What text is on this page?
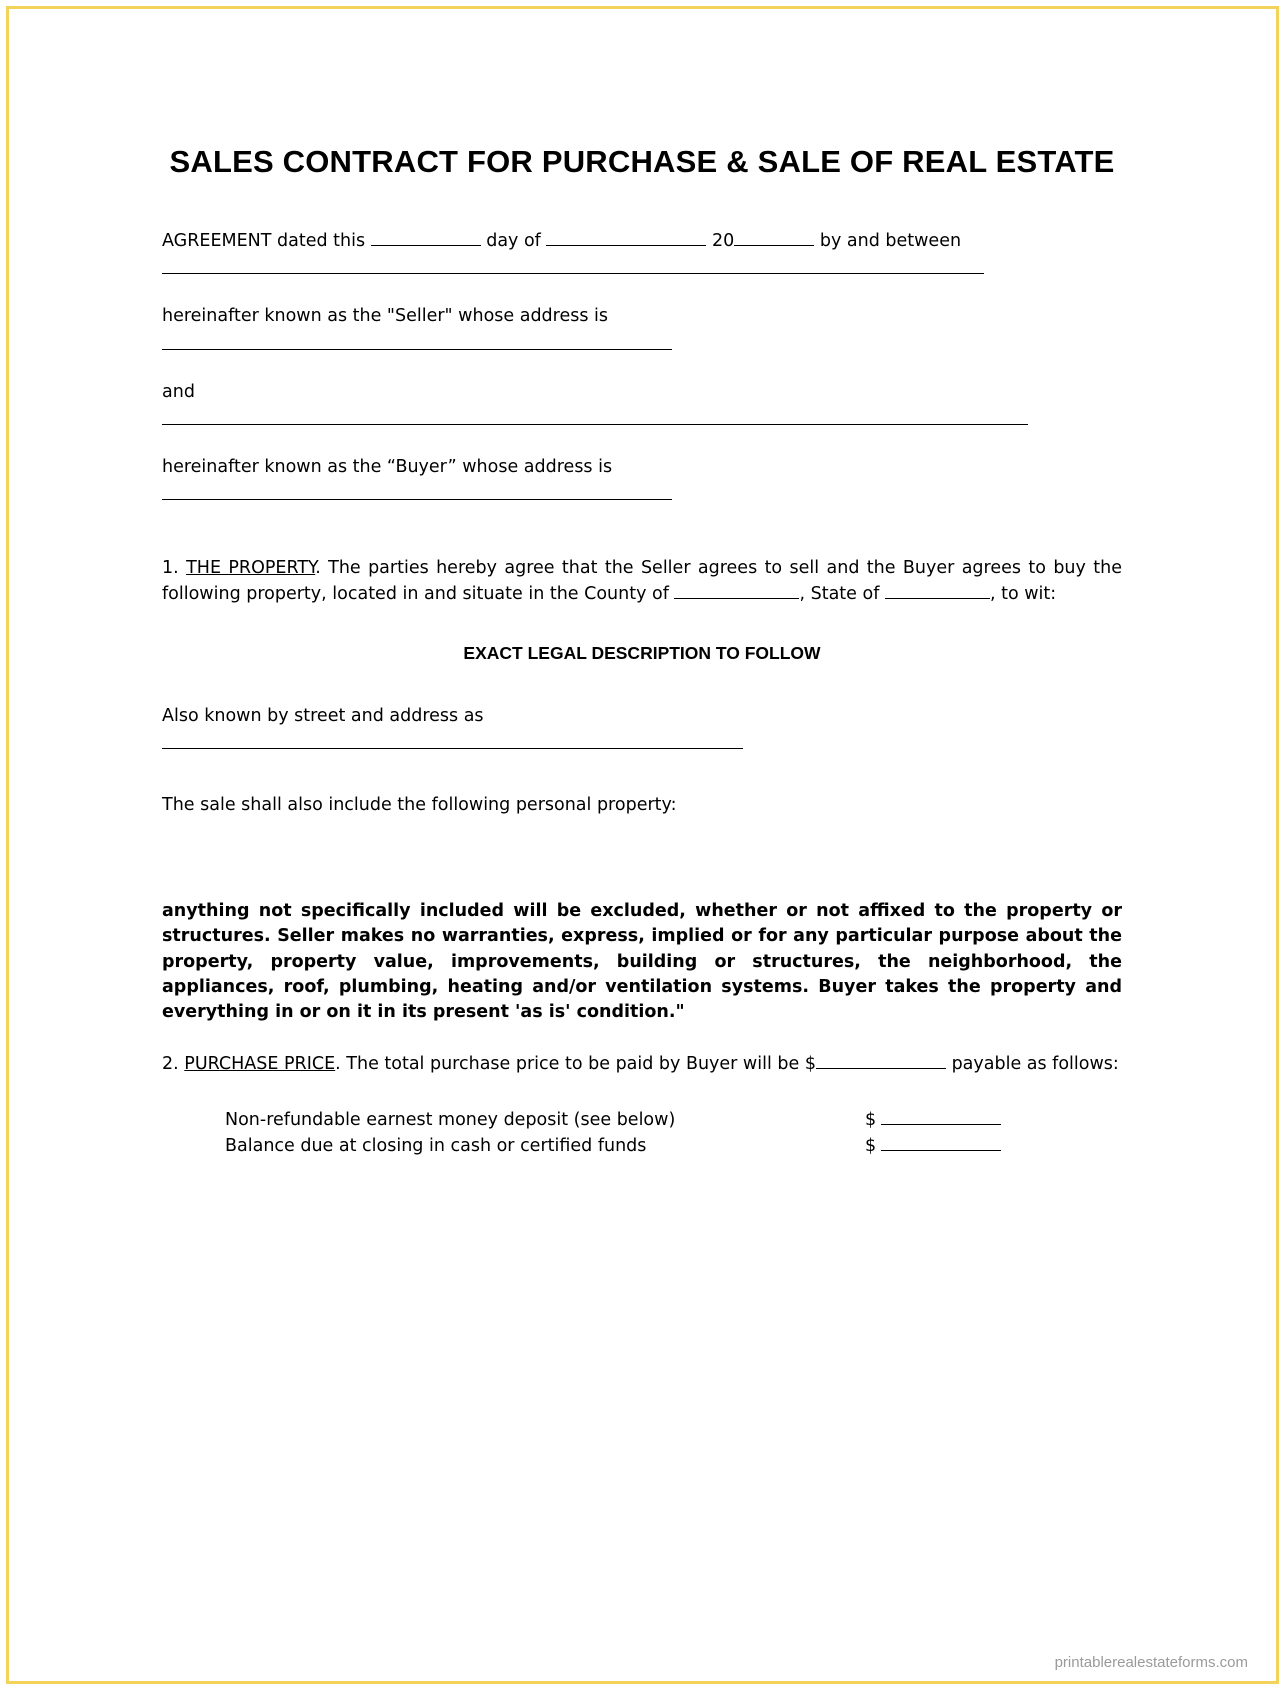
SALES CONTRACT FOR PURCHASE & SALE OF REAL ESTATE

AGREEMENT dated this	day of	20	by and between

hereinafter known as the "Seller" whose address is

and

hereinafter known as the “Buyer” whose address is

1. THE PROPERTY. The parties hereby agree that the Seller agrees to sell and the Buyer agrees to buy the following property, located in and situate in the County of	, State of	, to wit:

EXACT LEGAL DESCRIPTION TO FOLLOW

Also known by street and address as

The sale shall also include the following personal property:

anything not specifically included will be excluded, whether or not affixed to the property or structures. Seller makes no warranties, express, implied or for any particular purpose about the property, property value, improvements, building or structures, the neighborhood, the appliances, roof, plumbing, heating and/or ventilation systems. Buyer takes the property and everything in or on it in its present 'as is' condition."

2. PURCHASE PRICE. The total purchase price to be paid by Buyer will be $	payable as follows:

Non-refundable earnest money deposit (see below)	$
Balance due at closing in cash or certified funds	$
printablerealestateforms.com
